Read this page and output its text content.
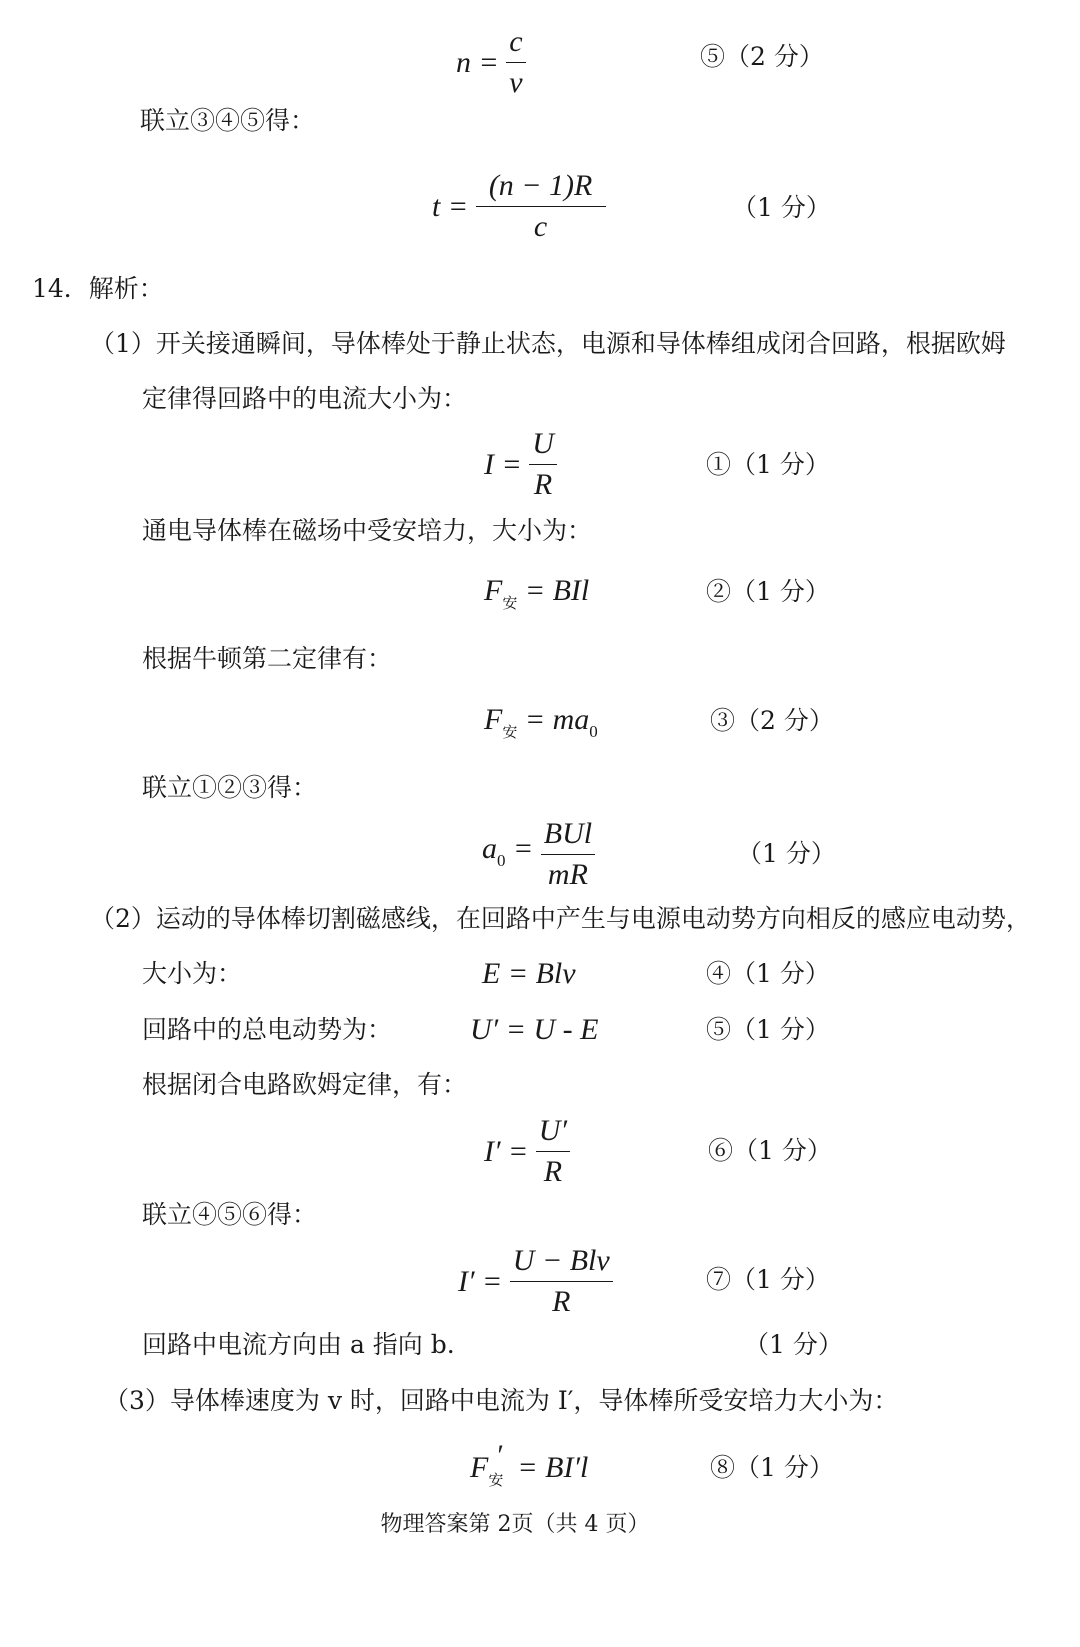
$n = \frac{c}{v}$	⑤（2 分）
联立③④⑤得：
$t = \frac{(n - 1)R}{c}$	（1 分）
14．解析：
（1）开关接通瞬间，导体棒处于静止状态，电源和导体棒组成闭合回路，根据欧姆
定律得回路中的电流大小为：
$I = \frac{U}{R}$	①（1 分）
通电导体棒在磁场中受安培力，大小为：
$F_安$ = BIl	②（1 分）
根据牛顿第二定律有：
$F_安 = ma_0$	③（2 分）
联立①②③得：
$a_0 = \frac{\text{BUl}}{mR}$	（1 分）
（2）运动的导体棒切割磁感线，在回路中产生与电源电动势方向相反的感应电动势，
大小为：	E = Blv	④（1 分）
回路中的总电动势为：	U′ = U - E	⑤（1 分）
根据闭合电路欧姆定律，有：
$I' = \frac{U'}{R}$	⑥（1 分）
联立④⑤⑥得：
$I' = \frac{\text{U − Blv}}{R}$	⑦（1 分）
回路中电流方向由 a 指向 b.	（1 分）
（3）导体棒速度为 v 时，回路中电流为 I′，导体棒所受安培力大小为：
$F_安' = BI'l$	⑧（1 分）
物理答案第 2页（共 4 页）
